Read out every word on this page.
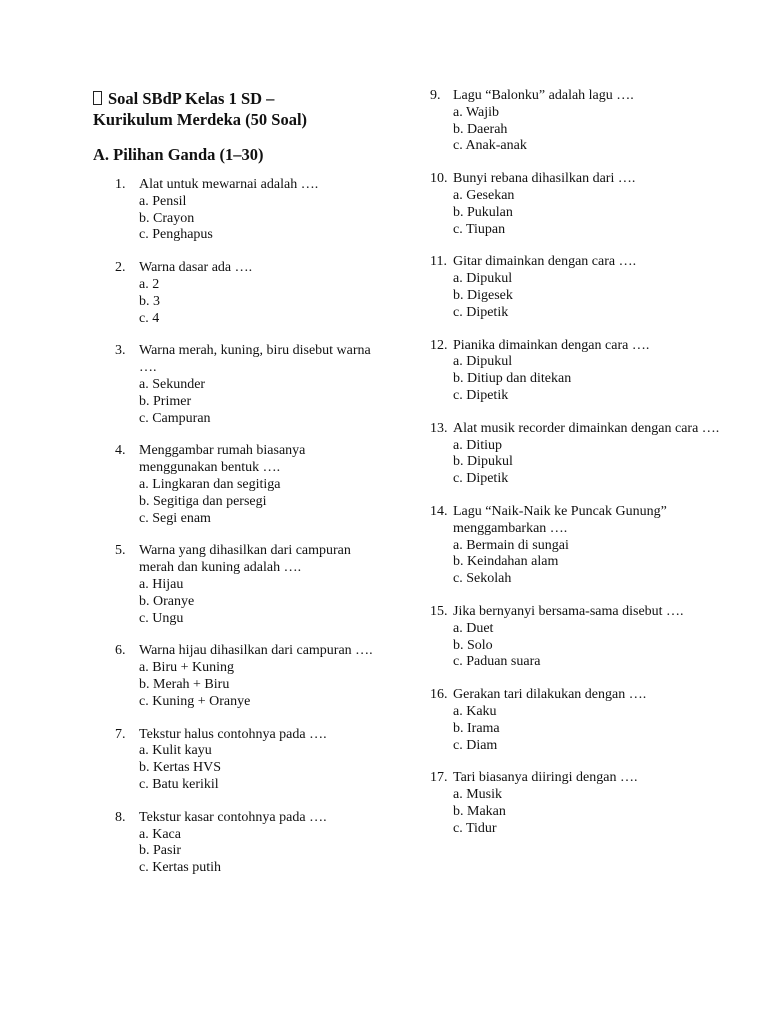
Soal SBdP Kelas 1 SD –
Kurikulum Merdeka (50 Soal)
A. Pilihan Ganda (1–30)
1. Alat untuk mewarnai adalah ….
a. Pensil
b. Crayon
c. Penghapus
2. Warna dasar ada ….
a. 2
b. 3
c. 4
3. Warna merah, kuning, biru disebut warna ….
a. Sekunder
b. Primer
c. Campuran
4. Menggambar rumah biasanya menggunakan bentuk ….
a. Lingkaran dan segitiga
b. Segitiga dan persegi
c. Segi enam
5. Warna yang dihasilkan dari campuran merah dan kuning adalah ….
a. Hijau
b. Oranye
c. Ungu
6. Warna hijau dihasilkan dari campuran ….
a. Biru + Kuning
b. Merah + Biru
c. Kuning + Oranye
7. Tekstur halus contohnya pada ….
a. Kulit kayu
b. Kertas HVS
c. Batu kerikil
8. Tekstur kasar contohnya pada ….
a. Kaca
b. Pasir
c. Kertas putih
9. Lagu “Balonku” adalah lagu ….
a. Wajib
b. Daerah
c. Anak-anak
10. Bunyi rebana dihasilkan dari ….
a. Gesekan
b. Pukulan
c. Tiupan
11. Gitar dimainkan dengan cara ….
a. Dipukul
b. Digesek
c. Dipetik
12. Pianika dimainkan dengan cara ….
a. Dipukul
b. Ditiup dan ditekan
c. Dipetik
13. Alat musik recorder dimainkan dengan cara ….
a. Ditiup
b. Dipukul
c. Dipetik
14. Lagu “Naik-Naik ke Puncak Gunung” menggambarkan ….
a. Bermain di sungai
b. Keindahan alam
c. Sekolah
15. Jika bernyanyi bersama-sama disebut ….
a. Duet
b. Solo
c. Paduan suara
16. Gerakan tari dilakukan dengan ….
a. Kaku
b. Irama
c. Diam
17. Tari biasanya diiringi dengan ….
a. Musik
b. Makan
c. Tidur
